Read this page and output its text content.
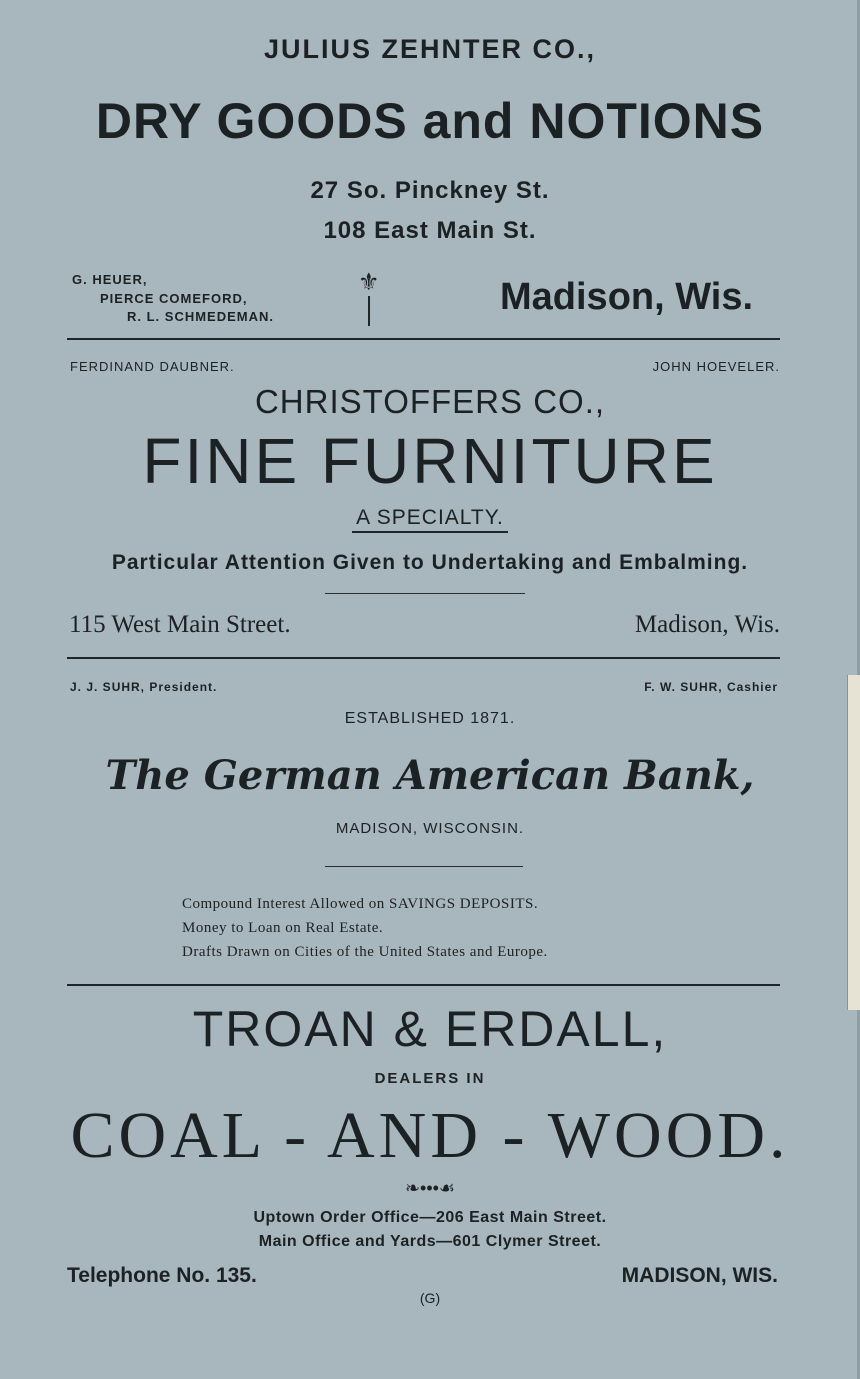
JULIUS ZEHNTER CO.,
DRY GOODS and NOTIONS
27 So. Pinckney St.
108 East Main St.
G. HEUER,
PIERCE COMEFORD,
R. L. SCHMEDEMAN.
⚜	Madison, Wis.
FERDINAND DAUBNER.	JOHN HOEVELER.
CHRISTOFFERS CO.,
FINE FURNITURE
A SPECIALTY.
Particular Attention Given to Undertaking and Embalming.
115 West Main Street.	Madison, Wis.
J. J. SUHR, President.	F. W. SUHR, Cashier
ESTABLISHED 1871.
The German American Bank,
MADISON, WISCONSIN.
Compound Interest Allowed on SAVINGS DEPOSITS.
Money to Loan on Real Estate.
Drafts Drawn on Cities of the United States and Europe.
TROAN & ERDALL,
DEALERS IN
COAL - AND - WOOD.
❧•••☙
Uptown Order Office—206 East Main Street.
Main Office and Yards—601 Clymer Street.
Telephone No. 135.	MADISON, WIS.
(G)
